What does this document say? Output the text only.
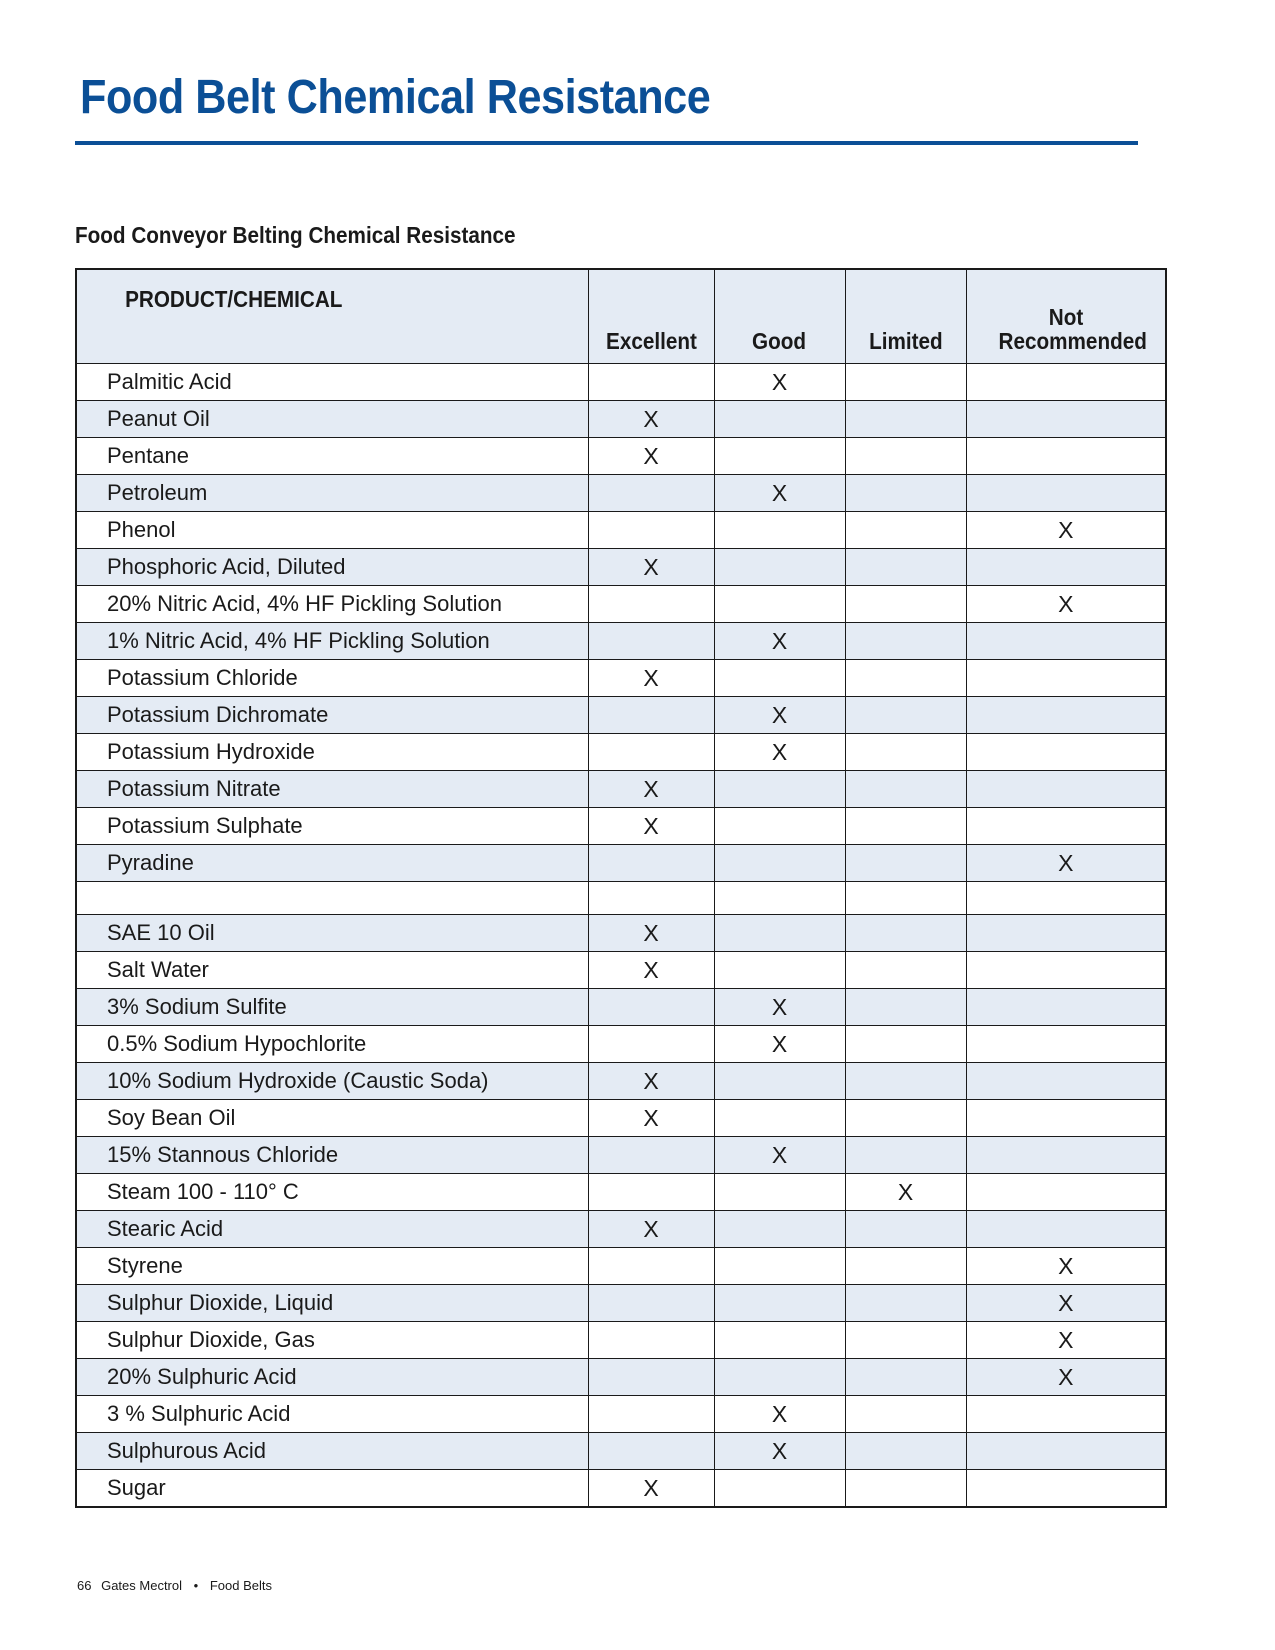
Food Belt Chemical Resistance
Food Conveyor Belting Chemical Resistance
PRODUCT/CHEMICAL	Excellent	Good	Limited	Not Recommended
Palmitic Acid		X		
Peanut Oil	X			
Pentane	X			
Petroleum		X		
Phenol				X
Phosphoric Acid, Diluted	X			
20% Nitric Acid, 4% HF Pickling Solution				X
1% Nitric Acid, 4% HF Pickling Solution		X		
Potassium Chloride	X			
Potassium Dichromate		X		
Potassium Hydroxide		X		
Potassium Nitrate	X			
Potassium Sulphate	X			
Pyradine				X

SAE 10 Oil	X			
Salt Water	X			
3% Sodium Sulfite		X		
0.5% Sodium Hypochlorite		X		
10% Sodium Hydroxide (Caustic Soda)	X			
Soy Bean Oil	X			
15% Stannous Chloride		X		
Steam 100 - 110° C			X	
Stearic Acid	X			
Styrene				X
Sulphur Dioxide, Liquid				X
Sulphur Dioxide, Gas				X
20% Sulphuric Acid				X
3 % Sulphuric Acid		X		
Sulphurous Acid		X		
Sugar	X			
66 Gates Mectrol • Food Belts
